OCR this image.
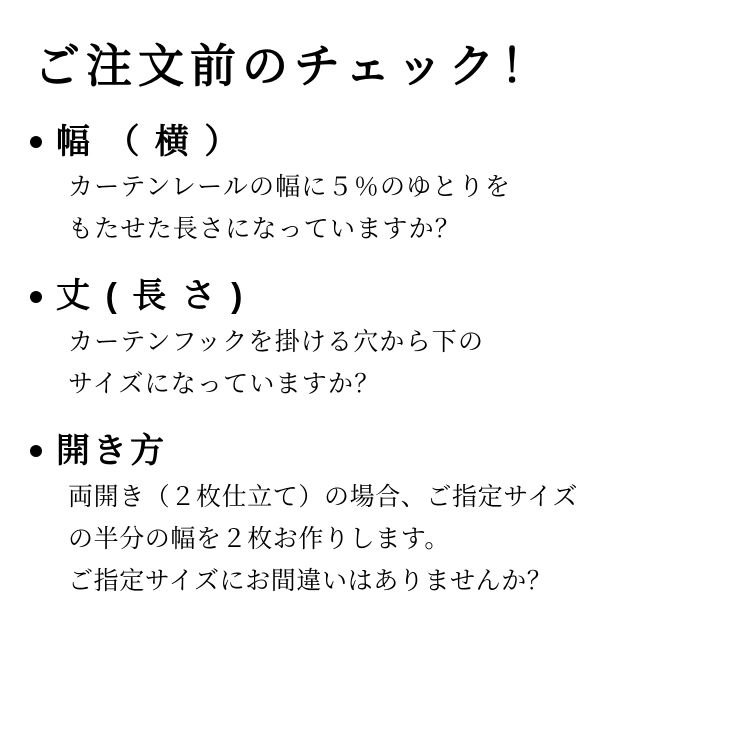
ご注文前のチェック！
幅 （ 横 ）
カーテンレールの幅に５％のゆとりを
もたせた長さになっていますか？
丈 ( 長 さ )
カーテンフックを掛ける穴から下の
サイズになっていますか？
開き方
両開き（２枚仕立て）の場合、ご指定サイズ
の半分の幅を２枚お作りします。
ご指定サイズにお間違いはありませんか？
